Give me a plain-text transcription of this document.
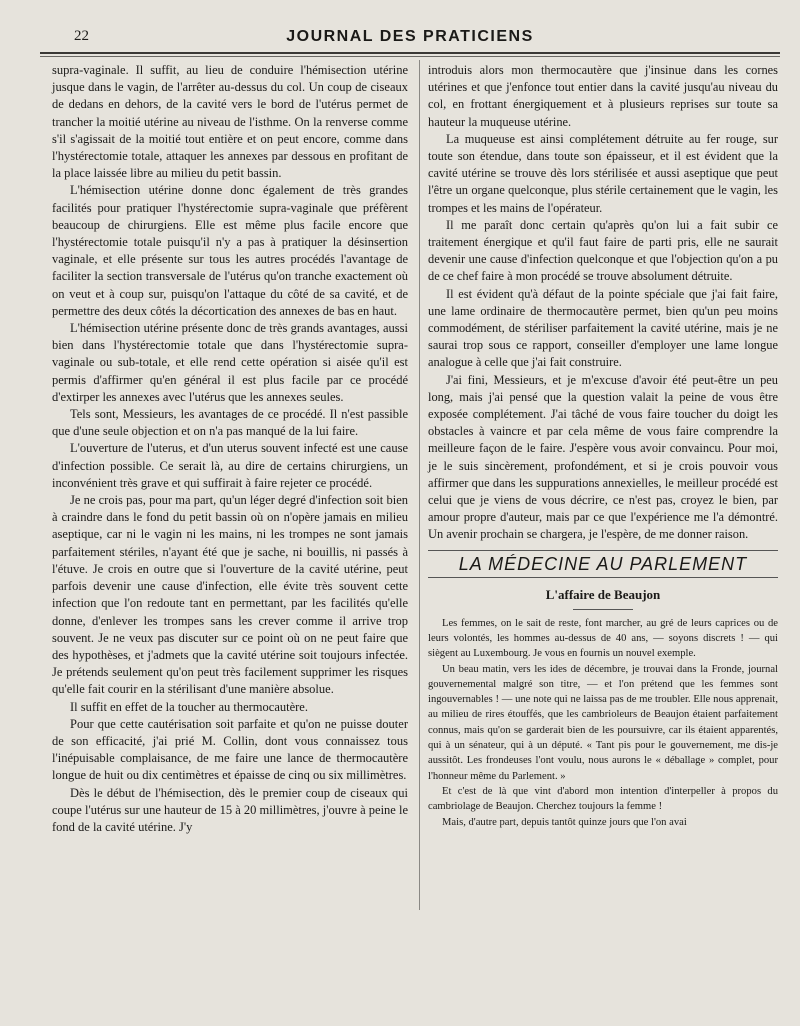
22	JOURNAL DES PRATICIENS

supra-vaginale. Il suffit, au lieu de conduire l'hémisection utérine jusque dans le vagin, de l'arrêter au-dessus du col. Un coup de ciseaux de dedans en dehors, de la cavité vers le bord de l'utérus permet de trancher la moitié utérine au niveau de l'isthme. On la renverse comme s'il s'agissait de la moitié tout entière et on peut encore, comme dans l'hystérectomie totale, attaquer les annexes par dessous en profitant de la place laissée libre au milieu du petit bassin.

L'hémisection utérine donne donc également de très grandes facilités pour pratiquer l'hystérectomie supra-vaginale que préfèrent beaucoup de chirurgiens. Elle est même plus facile encore que l'hystérectomie totale puisqu'il n'y a pas à pratiquer la désinsertion vaginale, et elle présente sur tous les autres procédés l'avantage de faciliter la section transversale de l'utérus qu'on tranche exactement où on veut et à coup sur, puisqu'on l'attaque du côté de sa cavité, et de permettre des deux côtés la décortication des annexes de bas en haut.

L'hémisection utérine présente donc de très grands avantages, aussi bien dans l'hystérectomie totale que dans l'hystérectomie supra-vaginale ou sub-totale, et elle rend cette opération si aisée qu'il est permis d'affirmer qu'en général il est plus facile par ce procédé d'extirper les annexes avec l'utérus que les annexes seules.

Tels sont, Messieurs, les avantages de ce procédé. Il n'est passible que d'une seule objection et on n'a pas manqué de la lui faire.

L'ouverture de l'uterus, et d'un uterus souvent infecté est une cause d'infection possible. Ce serait là, au dire de certains chirurgiens, un inconvénient très grave et qui suffirait à faire rejeter ce procédé.

Je ne crois pas, pour ma part, qu'un léger degré d'infection soit bien à craindre dans le fond du petit bassin où on n'opère jamais en milieu aseptique, car ni le vagin ni les mains, ni les trompes ne sont jamais parfaitement stériles, n'ayant été que je sache, ni bouillis, ni passés à l'étuve. Je crois en outre que si l'ouverture de la cavité utérine, peut parfois devenir une cause d'infection, elle évite très souvent cette infection que l'on redoute tant en permettant, par les facilités qu'elle donne, d'enlever les trompes sans les crever comme il arrive trop souvent. Je ne veux pas discuter sur ce point où on ne peut faire que des hypothèses, et j'admets que la cavité utérine soit toujours infectée. Je prétends seulement qu'on peut très facilement supprimer les risques qu'elle fait courir en la stérilisant d'une manière absolue.

Il suffit en effet de la toucher au thermocautère.

Pour que cette cautérisation soit parfaite et qu'on ne puisse douter de son efficacité, j'ai prié M. Collin, dont vous connaissez tous l'inépuisable complaisance, de me faire une lance de thermocautère longue de huit ou dix centimètres et épaisse de cinq ou six millimètres.

Dès le début de l'hémisection, dès le premier coup de ciseaux qui coupe l'utérus sur une hauteur de 15 à 20 millimètres, j'ouvre à peine le fond de la cavité utérine. J'y

introduis alors mon thermocautère que j'insinue dans les cornes utérines et que j'enfonce tout entier dans la cavité jusqu'au niveau du col, en frottant énergiquement et à plusieurs reprises sur toute sa hauteur la muqueuse utérine.

La muqueuse est ainsi complétement détruite au fer rouge, sur toute son étendue, dans toute son épaisseur, et il est évident que la cavité utérine se trouve dès lors stérilisée et aussi aseptique que peut l'être un organe quelconque, plus stérile certainement que le vagin, les trompes et les mains de l'opérateur.

Il me paraît donc certain qu'après qu'on lui a fait subir ce traitement énergique et qu'il faut faire de parti pris, elle ne saurait devenir une cause d'infection quelconque et que l'objection qu'on a pu de ce chef faire à mon procédé se trouve absolument détruite.

Il est évident qu'à défaut de la pointe spéciale que j'ai fait faire, une lame ordinaire de thermocautère permet, bien qu'un peu moins commodément, de stériliser parfaitement la cavité utérine, mais je ne saurai trop sous ce rapport, conseiller d'employer une lame longue analogue à celle que j'ai fait construire.

J'ai fini, Messieurs, et je m'excuse d'avoir été peut-être un peu long, mais j'ai pensé que la question valait la peine de vous être exposée complétement. J'ai tâché de vous faire toucher du doigt les obstacles à vaincre et par cela même de vous faire comprendre la meilleure façon de le faire. J'espère vous avoir convaincu. Pour moi, je le suis sincèrement, profondément, et si je crois pouvoir vous affirmer que dans les suppurations annexielles, le meilleur procédé est celui que je viens de vous décrire, ce n'est pas, croyez le bien, par amour propre d'auteur, mais par ce que l'expérience me l'a démontré. Un avenir prochain se chargera, je l'espère, de me donner raison.

LA MÉDECINE AU PARLEMENT
L'affaire de Beaujon

Les femmes, on le sait de reste, font marcher, au gré de leurs caprices ou de leurs volontés, les hommes au-dessus de 40 ans, — soyons discrets ! — qui siègent au Luxembourg. Je vous en fournis un nouvel exemple.

Un beau matin, vers les ides de décembre, je trouvai dans la Fronde, journal gouvernemental malgré son titre, — et l'on prétend que les femmes sont ingouvernables ! — une note qui ne laissa pas de me troubler. Elle nous apprenait, au milieu de rires étouffés, que les cambrioleurs de Beaujon étaient parfaitement connus, mais qu'on se garderait bien de les poursuivre, car ils étaient apparentés, qui à un sénateur, qui à un député. « Tant pis pour le gouvernement, me dis-je aussitôt. Les frondeuses l'ont voulu, nous aurons le « déballage » complet, pour l'honneur même du Parlement. »

Et c'est de là que vint d'abord mon intention d'interpeller à propos du cambriolage de Beaujon. Cherchez toujours la femme !

Mais, d'autre part, depuis tantôt quinze jours que l'on avai
